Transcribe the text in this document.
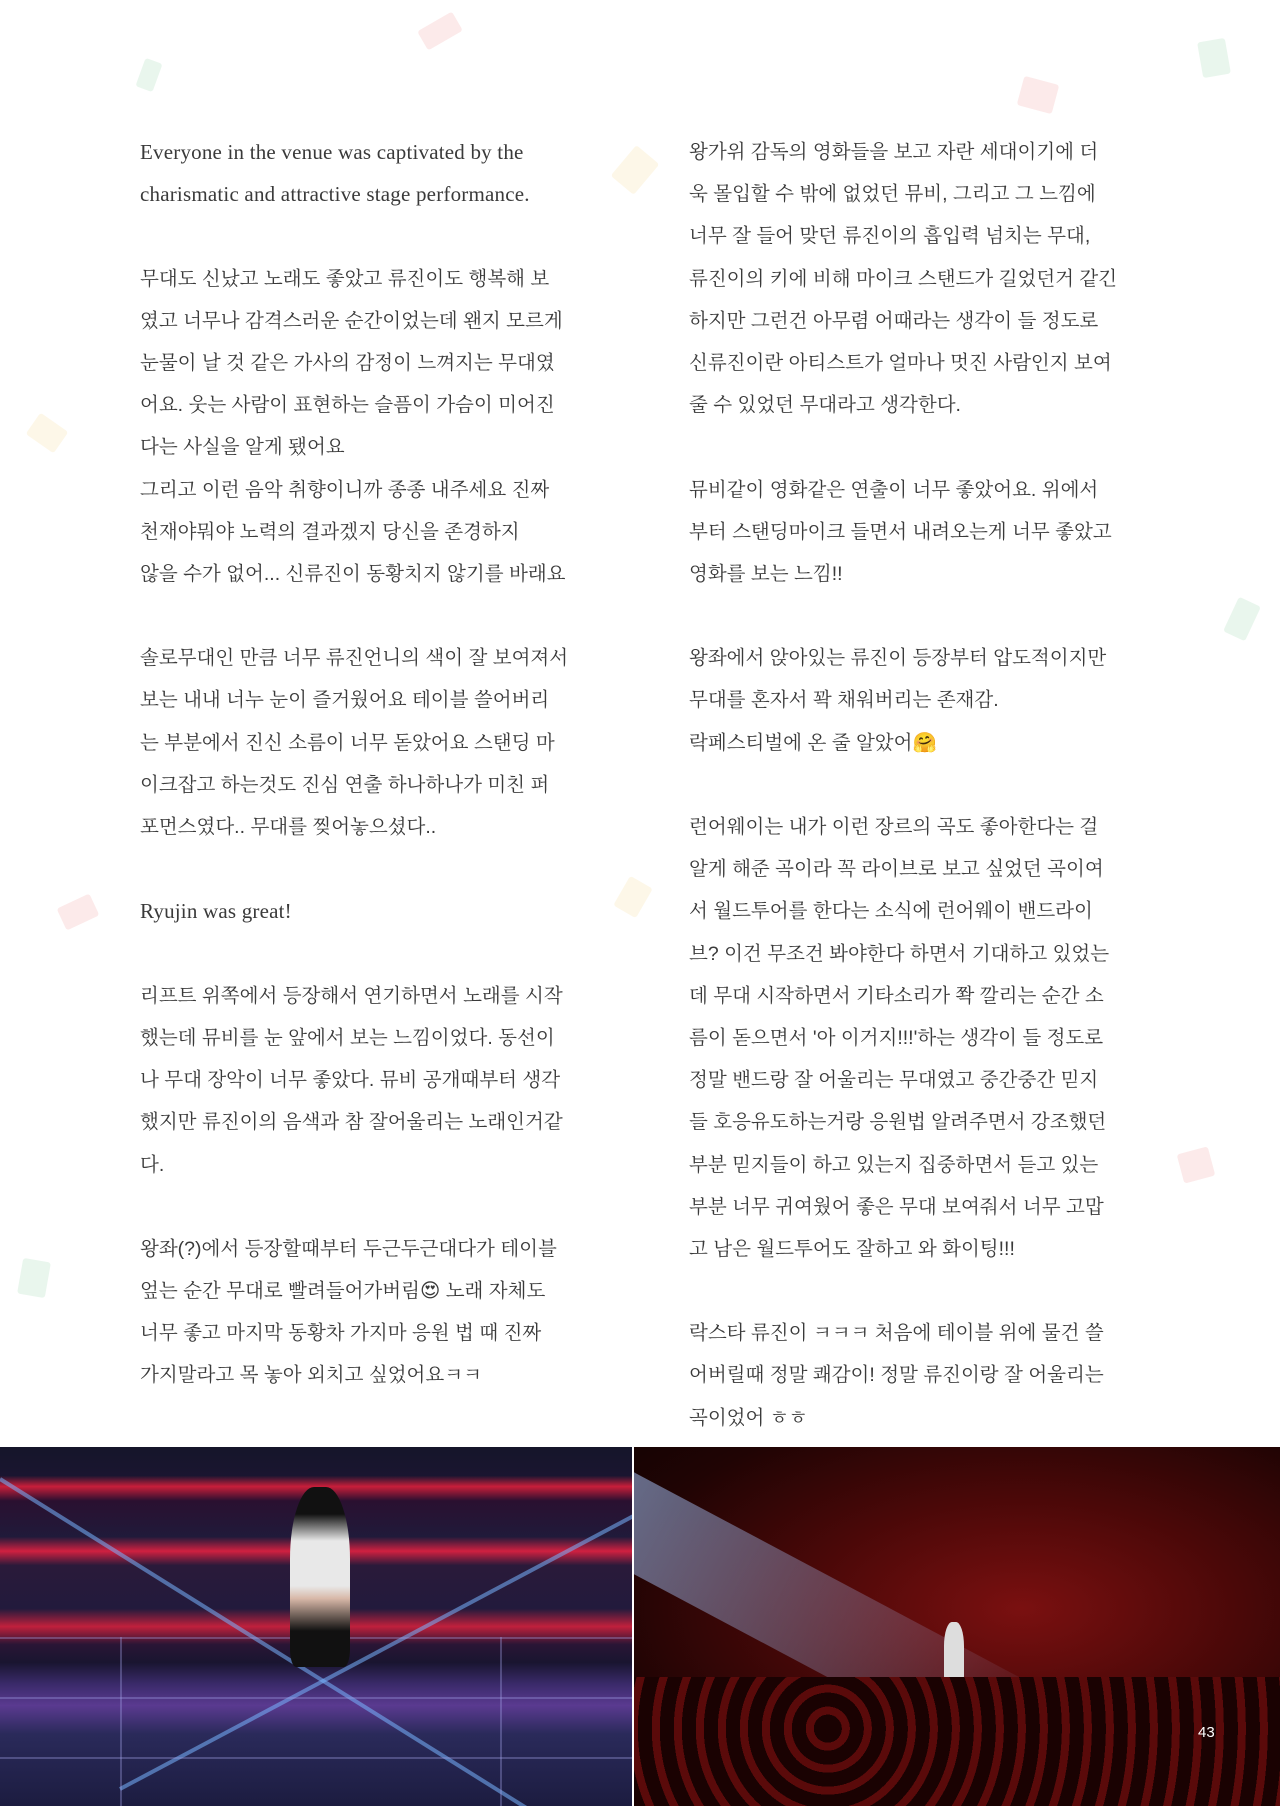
Everyone in the venue was captivated by the
charismatic and attractive stage performance.
무대도 신났고 노래도 좋았고 류진이도 행복해 보
였고 너무나 감격스러운 순간이었는데 왠지 모르게
눈물이 날 것 같은 가사의 감정이 느껴지는 무대였
어요. 웃는 사람이 표현하는 슬픔이 가슴이 미어진
다는 사실을 알게 됐어요
그리고 이런 음악 취향이니까 종종 내주세요 진짜
천재야뭐야 노력의 결과겠지 당신을 존경하지
않을 수가 없어... 신류진이 동황치지 않기를 바래요
솔로무대인 만큼 너무 류진언니의 색이 잘 보여져서
보는 내내 너누 눈이 즐거웠어요 테이블 쓸어버리
는 부분에서 진신 소름이 너무 돋았어요 스탠딩 마
이크잡고 하는것도 진심 연출 하나하나가 미친 퍼
포먼스였다.. 무대를 찢어놓으셨다..
Ryujin was great!
리프트 위쪽에서 등장해서 연기하면서 노래를 시작
했는데 뮤비를 눈 앞에서 보는 느낌이었다. 동선이
나 무대 장악이 너무 좋았다. 뮤비 공개때부터 생각
했지만 류진이의 음색과 참 잘어울리는 노래인거같
다.
왕좌(?)에서 등장할때부터 두근두근대다가 테이블
엎는 순간 무대로 빨려들어가버림😍 노래 자체도
너무 좋고 마지막 동황차 가지마 응원 법 때 진짜
가지말라고 목 놓아 외치고 싶었어요ㅋㅋ
왕가위 감독의 영화들을 보고 자란 세대이기에 더
욱 몰입할 수 밖에 없었던 뮤비, 그리고 그 느낌에
너무 잘 들어 맞던 류진이의 흡입력 넘치는 무대,
류진이의 키에 비해 마이크 스탠드가 길었던거 같긴
하지만 그런건 아무렴 어때라는 생각이 들 정도로
신류진이란 아티스트가 얼마나 멋진 사람인지 보여
줄 수 있었던 무대라고 생각한다.
뮤비같이 영화같은 연출이 너무 좋았어요. 위에서
부터 스탠딩마이크 들면서 내려오는게 너무 좋았고
영화를 보는 느낌!!
왕좌에서 앉아있는 류진이 등장부터 압도적이지만
무대를 혼자서 꽉 채워버리는 존재감.
락페스티벌에 온 줄 알았어🤗
런어웨이는 내가 이런 장르의 곡도 좋아한다는 걸
알게 해준 곡이라 꼭 라이브로 보고 싶었던 곡이여
서 월드투어를 한다는 소식에 런어웨이 밴드라이
브? 이건 무조건 봐야한다 하면서 기대하고 있었는
데 무대 시작하면서 기타소리가 쫙 깔리는 순간 소
름이 돋으면서 '아 이거지!!!'하는 생각이 들 정도로
정말 밴드랑 잘 어울리는 무대였고 중간중간 믿지
들 호응유도하는거랑 응원법 알려주면서 강조했던
부분 믿지들이 하고 있는지 집중하면서 듣고 있는
부분 너무 귀여웠어 좋은 무대 보여줘서 너무 고맙
고 남은 월드투어도 잘하고 와 화이팅!!!
락스타 류진이 ㅋㅋㅋ 처음에 테이블 위에 물건 쓸
어버릴때 정말 쾌감이! 정말 류진이랑 잘 어울리는
곡이었어 ㅎㅎ
43
